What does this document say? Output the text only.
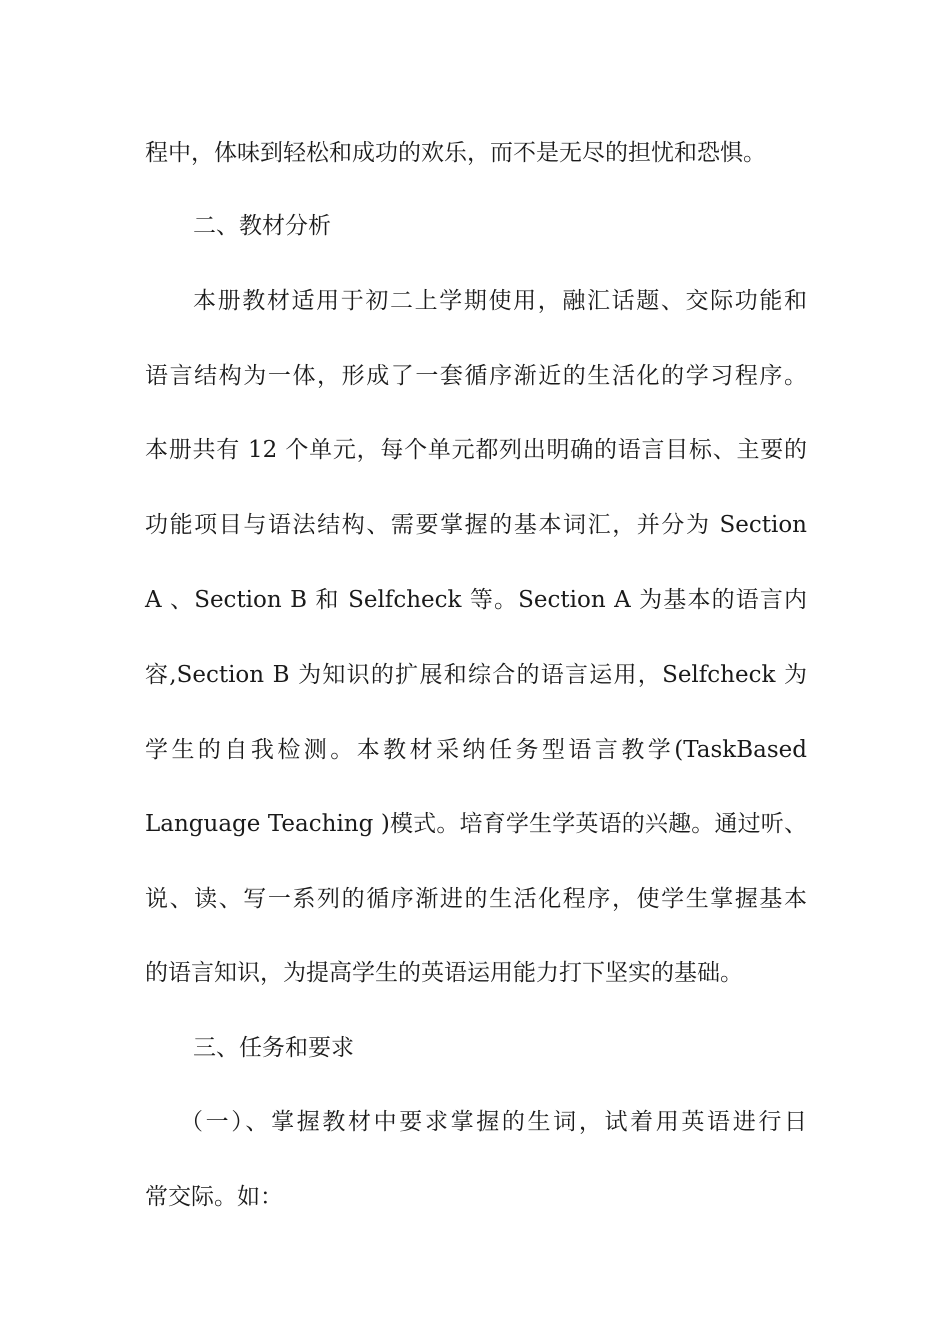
程中，体味到轻松和成功的欢乐，而不是无尽的担忧和恐惧。

二、教材分析

本册教材适用于初二上学期使用，融汇话题、交际功能和

语言结构为一体，形成了一套循序渐近的生活化的学习程序。

本册共有 12 个单元，每个单元都列出明确的语言目标、主要的

功能项目与语法结构、需要掌握的基本词汇，并分为 Section

A 、Section B 和 Selfcheck 等。Section A 为基本的语言内

容,Section B 为知识的扩展和综合的语言运用，Selfcheck 为

学生的自我检测。本教材采纳任务型语言教学(TaskBased

Language Teaching )模式。培育学生学英语的兴趣。通过听、

说、读、写一系列的循序渐进的生活化程序，使学生掌握基本

的语言知识，为提高学生的英语运用能力打下坚实的基础。

三、任务和要求

（一）、掌握教材中要求掌握的生词，试着用英语进行日

常交际。如：
